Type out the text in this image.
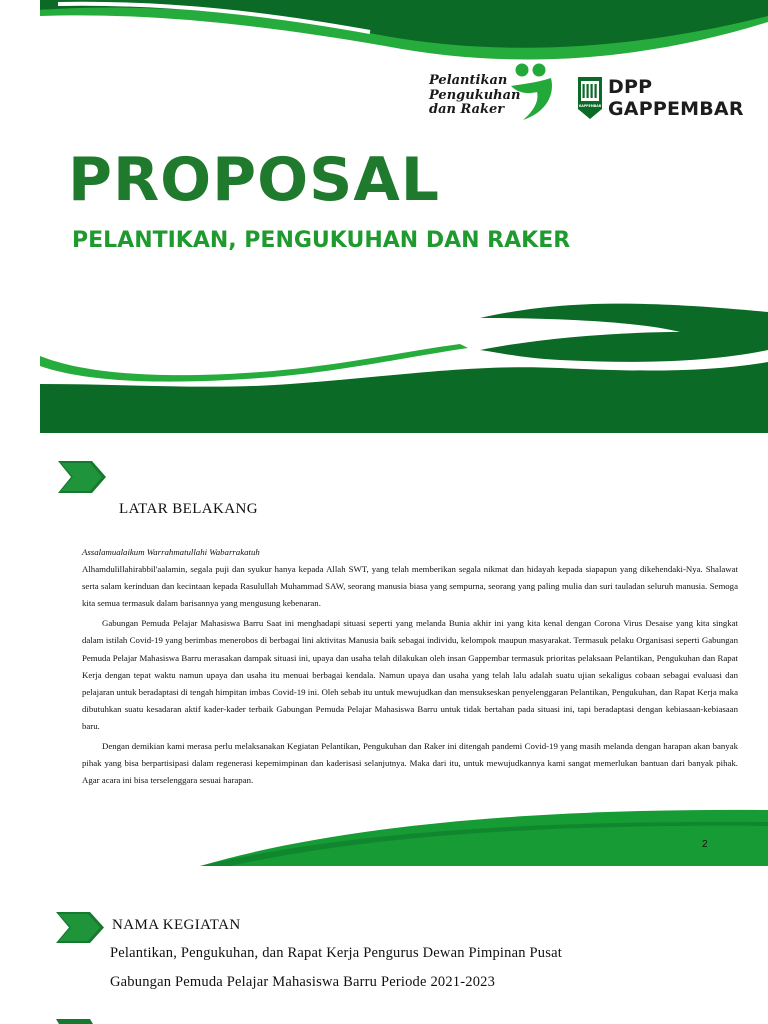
Pelantikan
Pengukuhan
dan Raker	GAPPEMBAR
DPP
GAPPEMBAR
PROPOSAL
PELANTIKAN, PENGUKUHAN DAN RAKER
LATAR BELAKANG

Assalamualaikum Warrahmatullahi Wabarrakatuh

Alhamdulillahirabbil'aalamin, segala puji dan syukur hanya kepada Allah SWT, yang telah memberikan segala nikmat dan hidayah kepada siapapun yang dikehendaki-Nya. Shalawat serta salam kerinduan dan kecintaan kepada Rasulullah Muhammad SAW, seorang manusia biasa yang sempurna, seorang yang paling mulia dan suri tauladan seluruh manusia. Semoga kita semua termasuk dalam barisannya yang mengusung kebenaran.

Gabungan Pemuda Pelajar Mahasiswa Barru Saat ini menghadapi situasi seperti yang melanda Bunia akhir ini yang kita kenal dengan Corona Virus Desaise yang kita singkat dalam istilah Covid-19 yang berimbas menerobos di berbagai lini aktivitas Manusia baik sebagai individu, kelompok maupun masyarakat. Termasuk pelaku Organisasi seperti Gabungan Pemuda Pelajar Mahasiswa Barru merasakan dampak situasi ini, upaya dan usaha telah dilakukan oleh insan Gappembar termasuk prioritas pelaksaan Pelantikan, Pengukuhan dan Rapat Kerja dengan tepat waktu namun upaya dan usaha itu menuai berbagai kendala. Namun upaya dan usaha yang telah lalu adalah suatu ujian sekaligus cobaan sebagai evaluasi dan pelajaran untuk beradaptasi di tengah himpitan imbas Covid-19 ini. Oleh sebab itu untuk mewujudkan dan mensukseskan penyelenggaran Pelantikan, Pengukuhan, dan Rapat Kerja maka dibutuhkan suatu kesadaran aktif kader-kader terbaik Gabungan Pemuda Pelajar Mahasiswa Barru untuk tidak bertahan pada situasi ini, tapi beradaptasi dengan kebiasaan-kebiasaan baru.

Dengan demikian kami merasa perlu melaksanakan Kegiatan Pelantikan, Pengukuhan dan Raker ini ditengah pandemi Covid-19 yang masih melanda dengan harapan akan banyak pihak yang bisa berpartisipasi dalam regenerasi kepemimpinan dan kaderisasi selanjutnya. Maka dari itu, untuk mewujudkannya kami sangat memerlukan bantuan dari banyak pihak. Agar acara ini bisa terselenggara sesuai harapan.

2
NAMA KEGIATAN
Pelantikan, Pengukuhan, dan Rapat Kerja Pengurus Dewan Pimpinan Pusat
Gabungan Pemuda Pelajar Mahasiswa Barru Periode 2021-2023
